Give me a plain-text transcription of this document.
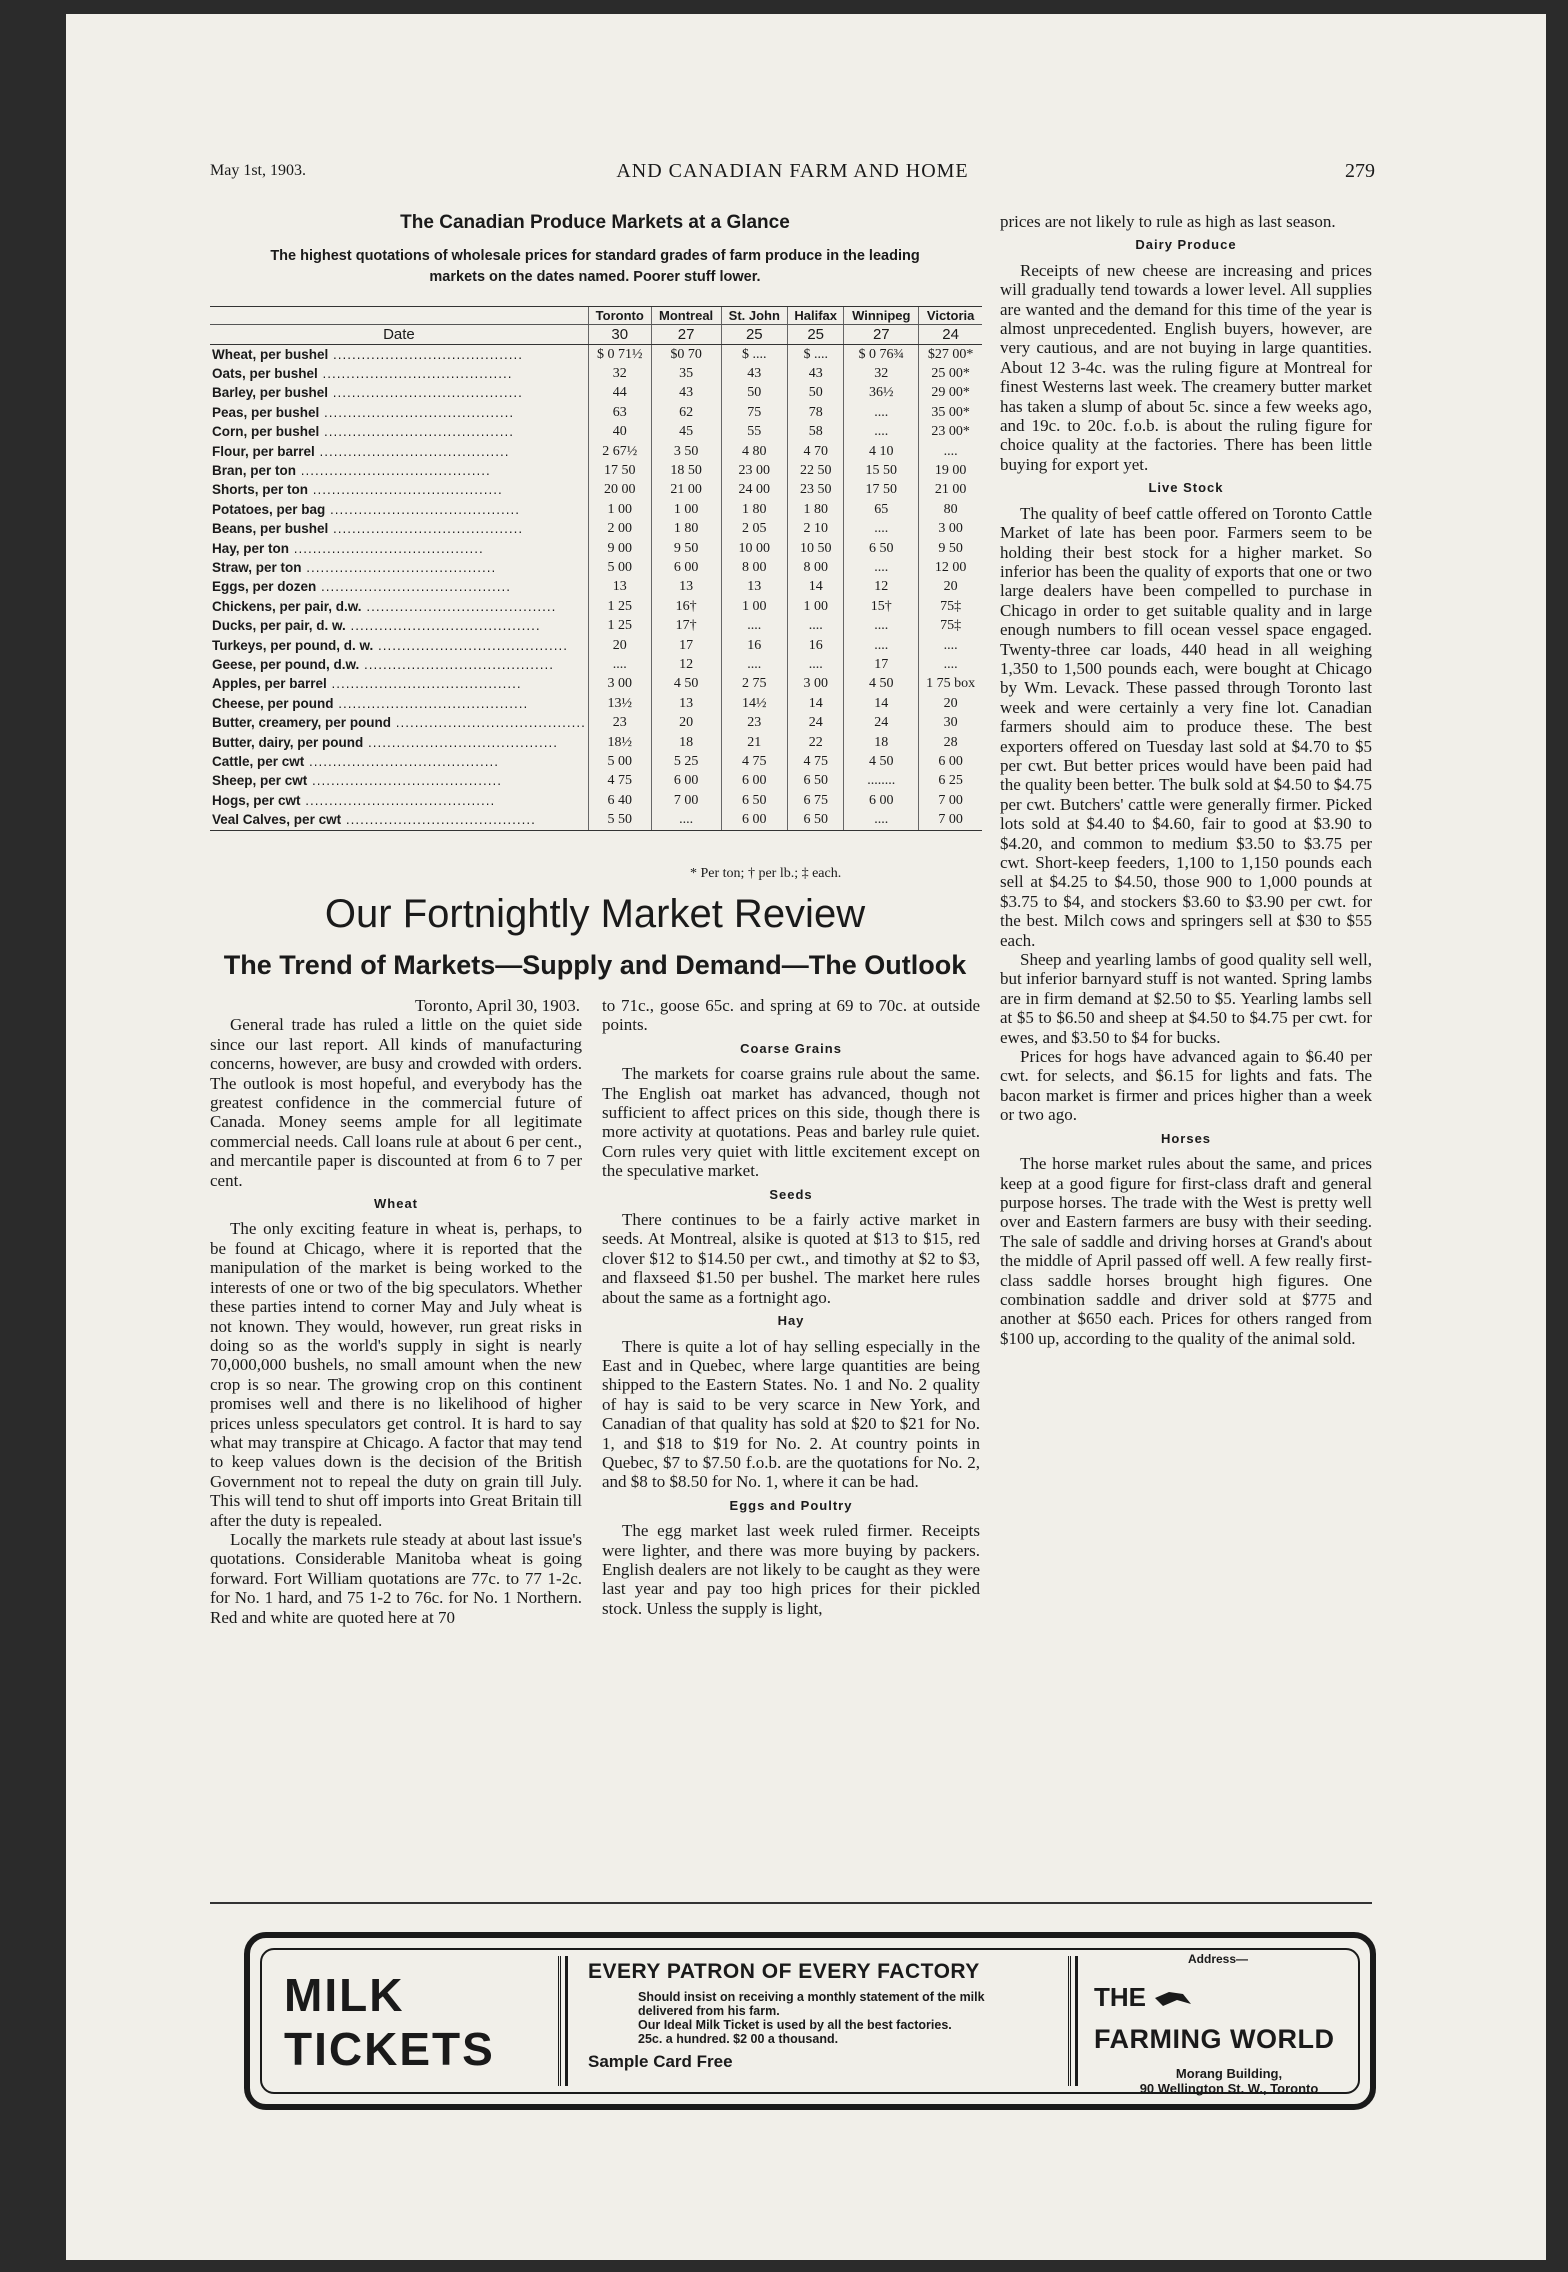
May 1st, 1903.	AND CANADIAN FARM AND HOME	279
The Canadian Produce Markets at a Glance
The highest quotations of wholesale prices for standard grades of farm produce in the leading
markets on the dates named. Poorer stuff lower.
	Toronto	Montreal	St. John	Halifax	Winnipeg	Victoria
Date	30	27	25	25	27	24
Wheat, per bushel ........................................	$ 0 71½	$0 70	$ ....	$ ....	$ 0 76¾	$27 00*
Oats, per bushel ........................................	32	35	43	43	32	25 00*
Barley, per bushel ........................................	44	43	50	50	36½	29 00*
Peas, per bushel ........................................	63	62	75	78	....	35 00*
Corn, per bushel ........................................	40	45	55	58	....	23 00*
Flour, per barrel ........................................	2 67½	3 50	4 80	4 70	4 10	....
Bran, per ton ........................................	17 50	18 50	23 00	22 50	15 50	19 00
Shorts, per ton ........................................	20 00	21 00	24 00	23 50	17 50	21 00
Potatoes, per bag ........................................	1 00	1 00	1 80	1 80	65	80
Beans, per bushel ........................................	2 00	1 80	2 05	2 10	....	3 00
Hay, per ton ........................................	9 00	9 50	10 00	10 50	6 50	9 50
Straw, per ton ........................................	5 00	6 00	8 00	8 00	....	12 00
Eggs, per dozen ........................................	13	13	13	14	12	20
Chickens, per pair, d.w. ........................................	1 25	16†	1 00	1 00	15†	75‡
Ducks, per pair, d. w. ........................................	1 25	17†	....	....	....	75‡
Turkeys, per pound, d. w. ........................................	20	17	16	16	....	....
Geese, per pound, d.w. ........................................	....	12	....	....	17	....
Apples, per barrel ........................................	3 00	4 50	2 75	3 00	4 50	1 75 box
Cheese, per pound ........................................	13½	13	14½	14	14	20
Butter, creamery, per pound ........................................	23	20	23	24	24	30
Butter, dairy, per pound ........................................	18½	18	21	22	18	28
Cattle, per cwt ........................................	5 00	5 25	4 75	4 75	4 50	6 00
Sheep, per cwt ........................................	4 75	6 00	6 00	6 50	........	6 25
Hogs, per cwt ........................................	6 40	7 00	6 50	6 75	6 00	7 00
Veal Calves, per cwt ........................................	5 50	....	6 00	6 50	....	7 00
* Per ton; † per lb.; ‡ each.
Our Fortnightly Market Review
The Trend of Markets—Supply and Demand—The Outlook

Toronto, April 30, 1903.

General trade has ruled a little on the quiet side since our last report. All kinds of manufacturing concerns, however, are busy and crowded with orders. The outlook is most hopeful, and everybody has the greatest confidence in the commercial future of Canada. Money seems ample for all legitimate commercial needs. Call loans rule at about 6 per cent., and mercantile paper is discounted at from 6 to 7 per cent.

Wheat

The only exciting feature in wheat is, perhaps, to be found at Chicago, where it is reported that the manipulation of the market is being worked to the interests of one or two of the big speculators. Whether these parties intend to corner May and July wheat is not known. They would, however, run great risks in doing so as the world's supply in sight is nearly 70,000,000 bushels, no small amount when the new crop is so near. The growing crop on this continent promises well and there is no likelihood of higher prices unless speculators get control. It is hard to say what may transpire at Chicago. A factor that may tend to keep values down is the decision of the British Government not to repeal the duty on grain till July. This will tend to shut off imports into Great Britain till after the duty is repealed.

Locally the markets rule steady at about last issue's quotations. Considerable Manitoba wheat is going forward. Fort William quotations are 77c. to 77 1-2c. for No. 1 hard, and 75 1-2 to 76c. for No. 1 Northern. Red and white are quoted here at 70

to 71c., goose 65c. and spring at 69 to 70c. at outside points.

Coarse Grains

The markets for coarse grains rule about the same. The English oat market has advanced, though not sufficient to affect prices on this side, though there is more activity at quotations. Peas and barley rule quiet. Corn rules very quiet with little excitement except on the speculative market.

Seeds

There continues to be a fairly active market in seeds. At Montreal, alsike is quoted at $13 to $15, red clover $12 to $14.50 per cwt., and timothy at $2 to $3, and flaxseed $1.50 per bushel. The market here rules about the same as a fortnight ago.

Hay

There is quite a lot of hay selling especially in the East and in Quebec, where large quantities are being shipped to the Eastern States. No. 1 and No. 2 quality of hay is said to be very scarce in New York, and Canadian of that quality has sold at $20 to $21 for No. 1, and $18 to $19 for No. 2. At country points in Quebec, $7 to $7.50 f.o.b. are the quotations for No. 2, and $8 to $8.50 for No. 1, where it can be had.

Eggs and Poultry

The egg market last week ruled firmer. Receipts were lighter, and there was more buying by packers. English dealers are not likely to be caught as they were last year and pay too high prices for their pickled stock. Unless the supply is light,

prices are not likely to rule as high as last season.

Dairy Produce

Receipts of new cheese are increasing and prices will gradually tend towards a lower level. All supplies are wanted and the demand for this time of the year is almost unprecedented. English buyers, however, are very cautious, and are not buying in large quantities. About 12 3-4c. was the ruling figure at Montreal for finest Westerns last week. The creamery butter market has taken a slump of about 5c. since a few weeks ago, and 19c. to 20c. f.o.b. is about the ruling figure for choice quality at the factories. There has been little buying for export yet.

Live Stock

The quality of beef cattle offered on Toronto Cattle Market of late has been poor. Farmers seem to be holding their best stock for a higher market. So inferior has been the quality of exports that one or two large dealers have been compelled to purchase in Chicago in order to get suitable quality and in large enough numbers to fill ocean vessel space engaged. Twenty-three car loads, 440 head in all weighing 1,350 to 1,500 pounds each, were bought at Chicago by Wm. Levack. These passed through Toronto last week and were certainly a very fine lot. Canadian farmers should aim to produce these. The best exporters offered on Tuesday last sold at $4.70 to $5 per cwt. But better prices would have been paid had the quality been better. The bulk sold at $4.50 to $4.75 per cwt. Butchers' cattle were generally firmer. Picked lots sold at $4.40 to $4.60, fair to good at $3.90 to $4.20, and common to medium $3.50 to $3.75 per cwt. Short-keep feeders, 1,100 to 1,150 pounds each sell at $4.25 to $4.50, those 900 to 1,000 pounds at $3.75 to $4, and stockers $3.60 to $3.90 per cwt. for the best. Milch cows and springers sell at $30 to $55 each.

Sheep and yearling lambs of good quality sell well, but inferior barnyard stuff is not wanted. Spring lambs are in firm demand at $2.50 to $5. Yearling lambs sell at $5 to $6.50 and sheep at $4.50 to $4.75 per cwt. for ewes, and $3.50 to $4 for bucks.

Prices for hogs have advanced again to $6.40 per cwt. for selects, and $6.15 for lights and fats. The bacon market is firmer and prices higher than a week or two ago.

Horses

The horse market rules about the same, and prices keep at a good figure for first-class draft and general purpose horses. The trade with the West is pretty well over and Eastern farmers are busy with their seeding. The sale of saddle and driving horses at Grand's about the middle of April passed off well. A few really first-class saddle horses brought high figures. One combination saddle and driver sold at $775 and another at $650 each. Prices for others ranged from $100 up, according to the quality of the animal sold.

MILK
TICKETS
EVERY PATRON OF EVERY FACTORY
Should insist on receiving a monthly statement of the milk
delivered from his farm.
Our Ideal Milk Ticket is used by all the best factories.
25c. a hundred. $2 00 a thousand.
Sample Card Free
Address—
THE
FARMING WORLD
Morang Building,
90 Wellington St. W., Toronto
